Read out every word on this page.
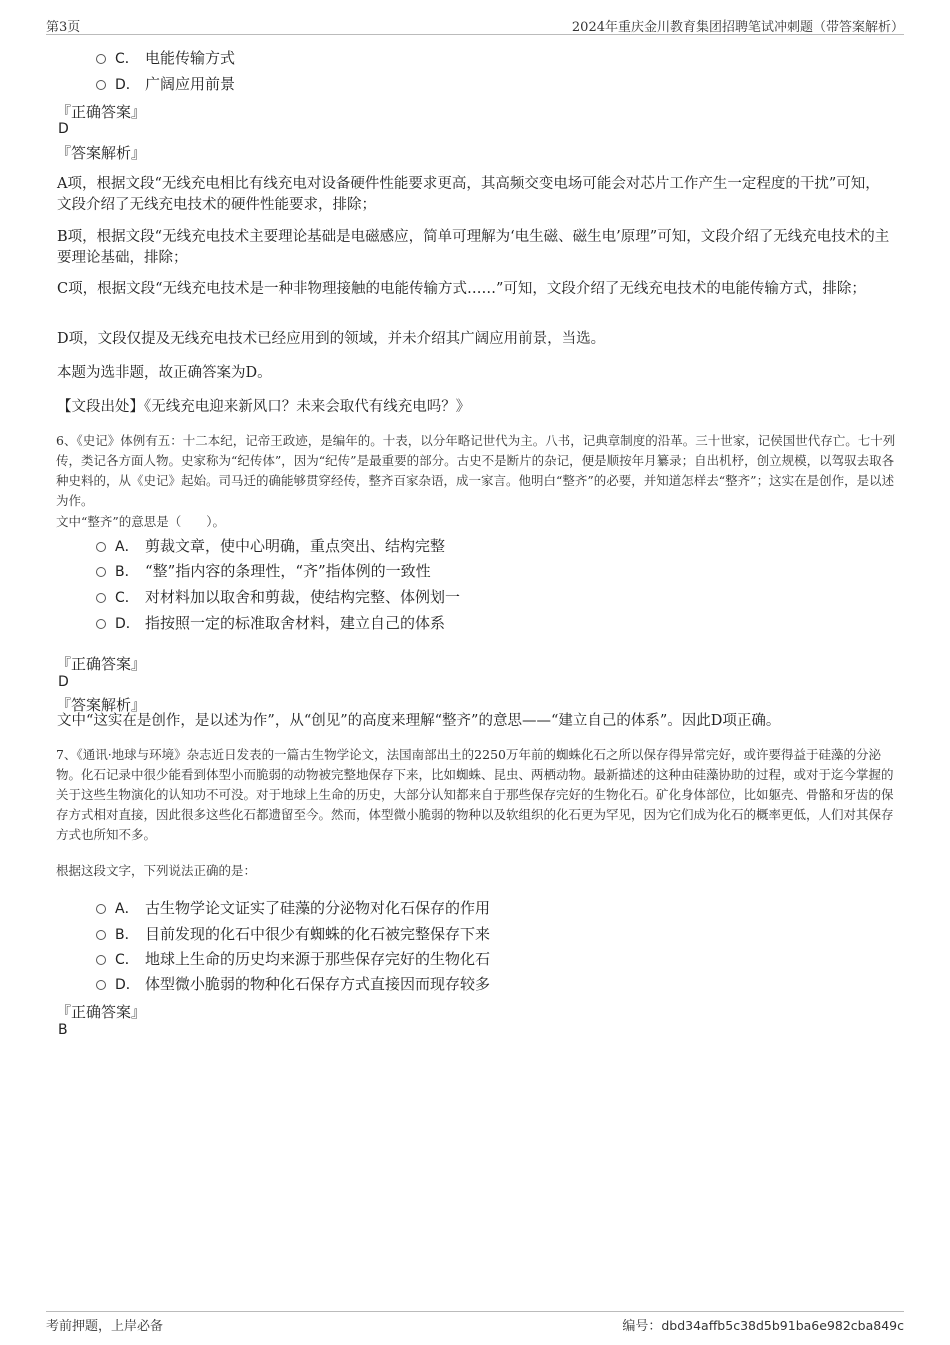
第3页	2024年重庆金川教育集团招聘笔试冲刺题（带答案解析）
C． 电能传输方式
D． 广阔应用前景
『正确答案』
D
『答案解析』
A项，根据文段“无线充电相比有线充电对设备硬件性能要求更高，其高频交变电场可能会对芯片工作产生一定程度的干扰”可知，文段介绍了无线充电技术的硬件性能要求，排除；
B项，根据文段“无线充电技术主要理论基础是电磁感应，简单可理解为‘电生磁、磁生电’原理”可知，文段介绍了无线充电技术的主要理论基础，排除；
C项，根据文段“无线充电技术是一种非物理接触的电能传输方式……”可知，文段介绍了无线充电技术的电能传输方式，排除；
D项，文段仅提及无线充电技术已经应用到的领域，并未介绍其广阔应用前景，当选。
本题为选非题，故正确答案为D。
【文段出处】《无线充电迎来新风口？未来会取代有线充电吗？》
6、《史记》体例有五：十二本纪，记帝王政迹，是编年的。十表，以分年略记世代为主。八书，记典章制度的沿革。三十世家，记侯国世代存亡。七十列传，类记各方面人物。史家称为“纪传体”，因为“纪传”是最重要的部分。古史不是断片的杂记，便是顺按年月纂录；自出机杼，创立规模，以驾驭去取各种史料的，从《史记》起始。司马迁的确能够贯穿经传，整齐百家杂语，成一家言。他明白“整齐”的必要，并知道怎样去“整齐”；这实在是创作，是以述为作。
文中“整齐”的意思是（　　）。
A． 剪裁文章，使中心明确，重点突出、结构完整
B． “整”指内容的条理性，“齐”指体例的一致性
C． 对材料加以取舍和剪裁，使结构完整、体例划一
D． 指按照一定的标准取舍材料，建立自己的体系
『正确答案』
D
『答案解析』
文中“这实在是创作，是以述为作”，从“创见”的高度来理解“整齐”的意思——“建立自己的体系”。因此D项正确。
7、《通讯·地球与环境》杂志近日发表的一篇古生物学论文，法国南部出土的2250万年前的蜘蛛化石之所以保存得异常完好，或许要得益于硅藻的分泌物。化石记录中很少能看到体型小而脆弱的动物被完整地保存下来，比如蜘蛛、昆虫、两栖动物。最新描述的这种由硅藻协助的过程，或对于迄今掌握的关于这些生物演化的认知功不可没。对于地球上生命的历史，大部分认知都来自于那些保存完好的生物化石。矿化身体部位，比如躯壳、骨骼和牙齿的保存方式相对直接，因此很多这些化石都遗留至今。然而，体型微小脆弱的物种以及软组织的化石更为罕见，因为它们成为化石的概率更低，人们对其保存方式也所知不多。
根据这段文字，下列说法正确的是：
A． 古生物学论文证实了硅藻的分泌物对化石保存的作用
B． 目前发现的化石中很少有蜘蛛的化石被完整保存下来
C． 地球上生命的历史均来源于那些保存完好的生物化石
D． 体型微小脆弱的物种化石保存方式直接因而现存较多
『正确答案』
B
考前押题，上岸必备	编号：dbd34affb5c38d5b91ba6e982cba849c
